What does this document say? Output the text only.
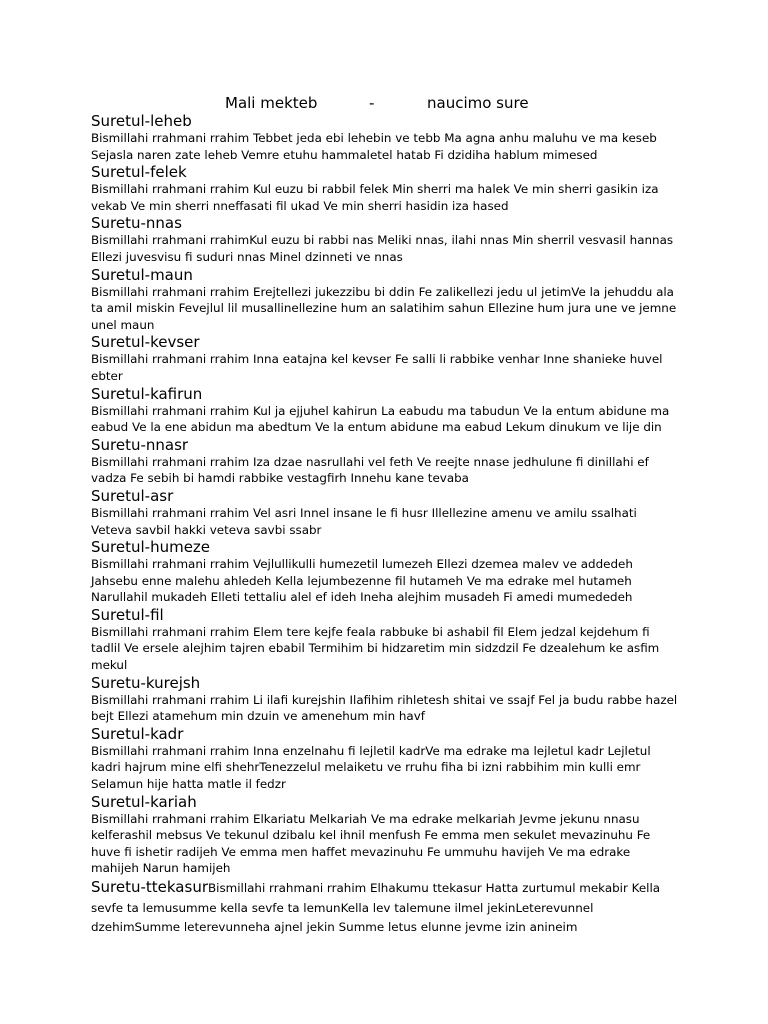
Mali mekteb	-	naucimo sure
Suretul-leheb
Bismillahi rrahmani rrahim Tebbet jeda ebi lehebin ve tebb Ma agna anhu maluhu ve ma keseb Sejasla naren zate leheb Vemre etuhu hammaletel hatab Fi dzidiha hablum mimesed
Suretul-felek
Bismillahi rrahmani rrahim Kul euzu bi rabbil felek Min sherri ma halek Ve min sherri gasikin iza vekab Ve min sherri nneffasati fil ukad Ve min sherri hasidin iza hased
Suretu-nnas
Bismillahi rrahmani rrahimKul euzu bi rabbi nas Meliki nnas, ilahi nnas Min sherril vesvasil hannas Ellezi juvesvisu fi suduri nnas Minel dzinneti ve nnas
Suretul-maun
Bismillahi rrahmani rrahim Erejtellezi jukezzibu bi ddin Fe zalikellezi jedu ul jetimVe la jehuddu ala ta amil miskin Fevejlul lil musallinellezine hum an salatihim sahun Ellezine hum jura une ve jemne unel maun
Suretul-kevser
Bismillahi rrahmani rrahim Inna eatajna kel kevser Fe salli li rabbike venhar Inne shanieke huvel ebter
Suretul-kafirun
Bismillahi rrahmani rrahim Kul ja ejjuhel kahirun La eabudu ma tabudun Ve la entum abidune ma eabud Ve la ene abidun ma abedtum Ve la entum abidune ma eabud Lekum dinukum ve lije din
Suretu-nnasr
Bismillahi rrahmani rrahim Iza dzae nasrullahi vel feth Ve reejte nnase jedhulune fi dinillahi ef vadza Fe sebih bi hamdi rabbike vestagfirh Innehu kane tevaba
Suretul-asr
Bismillahi rrahmani rrahim Vel asri Innel insane le fi husr Illellezine amenu ve amilu ssalhati Veteva savbil hakki veteva savbi ssabr
Suretul-humeze
Bismillahi rrahmani rrahim Vejlullikulli humezetil lumezeh Ellezi dzemea malev ve addedeh Jahsebu enne malehu ahledeh Kella lejumbezenne fil hutameh Ve ma edrake mel hutameh Narullahil mukadeh Elleti tettaliu alel ef ideh Ineha alejhim musadeh Fi amedi mumededeh
Suretul-fil
Bismillahi rrahmani rrahim Elem tere kejfe feala rabbuke bi ashabil fil Elem jedzal kejdehum fi tadlil Ve ersele alejhim tajren ebabil Termihim bi hidzaretim min sidzdzil Fe dzealehum ke asfim mekul
Suretu-kurejsh
Bismillahi rrahmani rrahim Li ilafi kurejshin Ilafihim rihletesh shitai ve ssajf Fel ja budu rabbe hazel bejt Ellezi atamehum min dzuin ve amenehum min havf
Suretul-kadr
Bismillahi rrahmani rrahim Inna enzelnahu fi lejletil kadrVe ma edrake ma lejletul kadr Lejletul kadri hajrum mine elfi shehrTenezzelul melaiketu ve rruhu fiha bi izni rabbihim min kulli emr Selamun hije hatta matle il fedzr
Suretul-kariah
Bismillahi rrahmani rrahim Elkariatu Melkariah Ve ma edrake melkariah Jevme jekunu nnasu kelferashil mebsus Ve tekunul dzibalu kel ihnil menfush Fe emma men sekulet mevazinuhu Fe huve fi ishetir radijeh Ve emma men haffet mevazinuhu Fe ummuhu havijeh Ve ma edrake mahijeh Narun hamijeh
Suretu-ttekasurBismillahi rrahmani rrahim Elhakumu ttekasur Hatta zurtumul mekabir Kella sevfe ta lemusumme kella sevfe ta lemunKella lev talemune ilmel jekinLeterevunnel dzehimSumme leterevunneha ajnel jekin Summe letus elunne jevme izin anineim
